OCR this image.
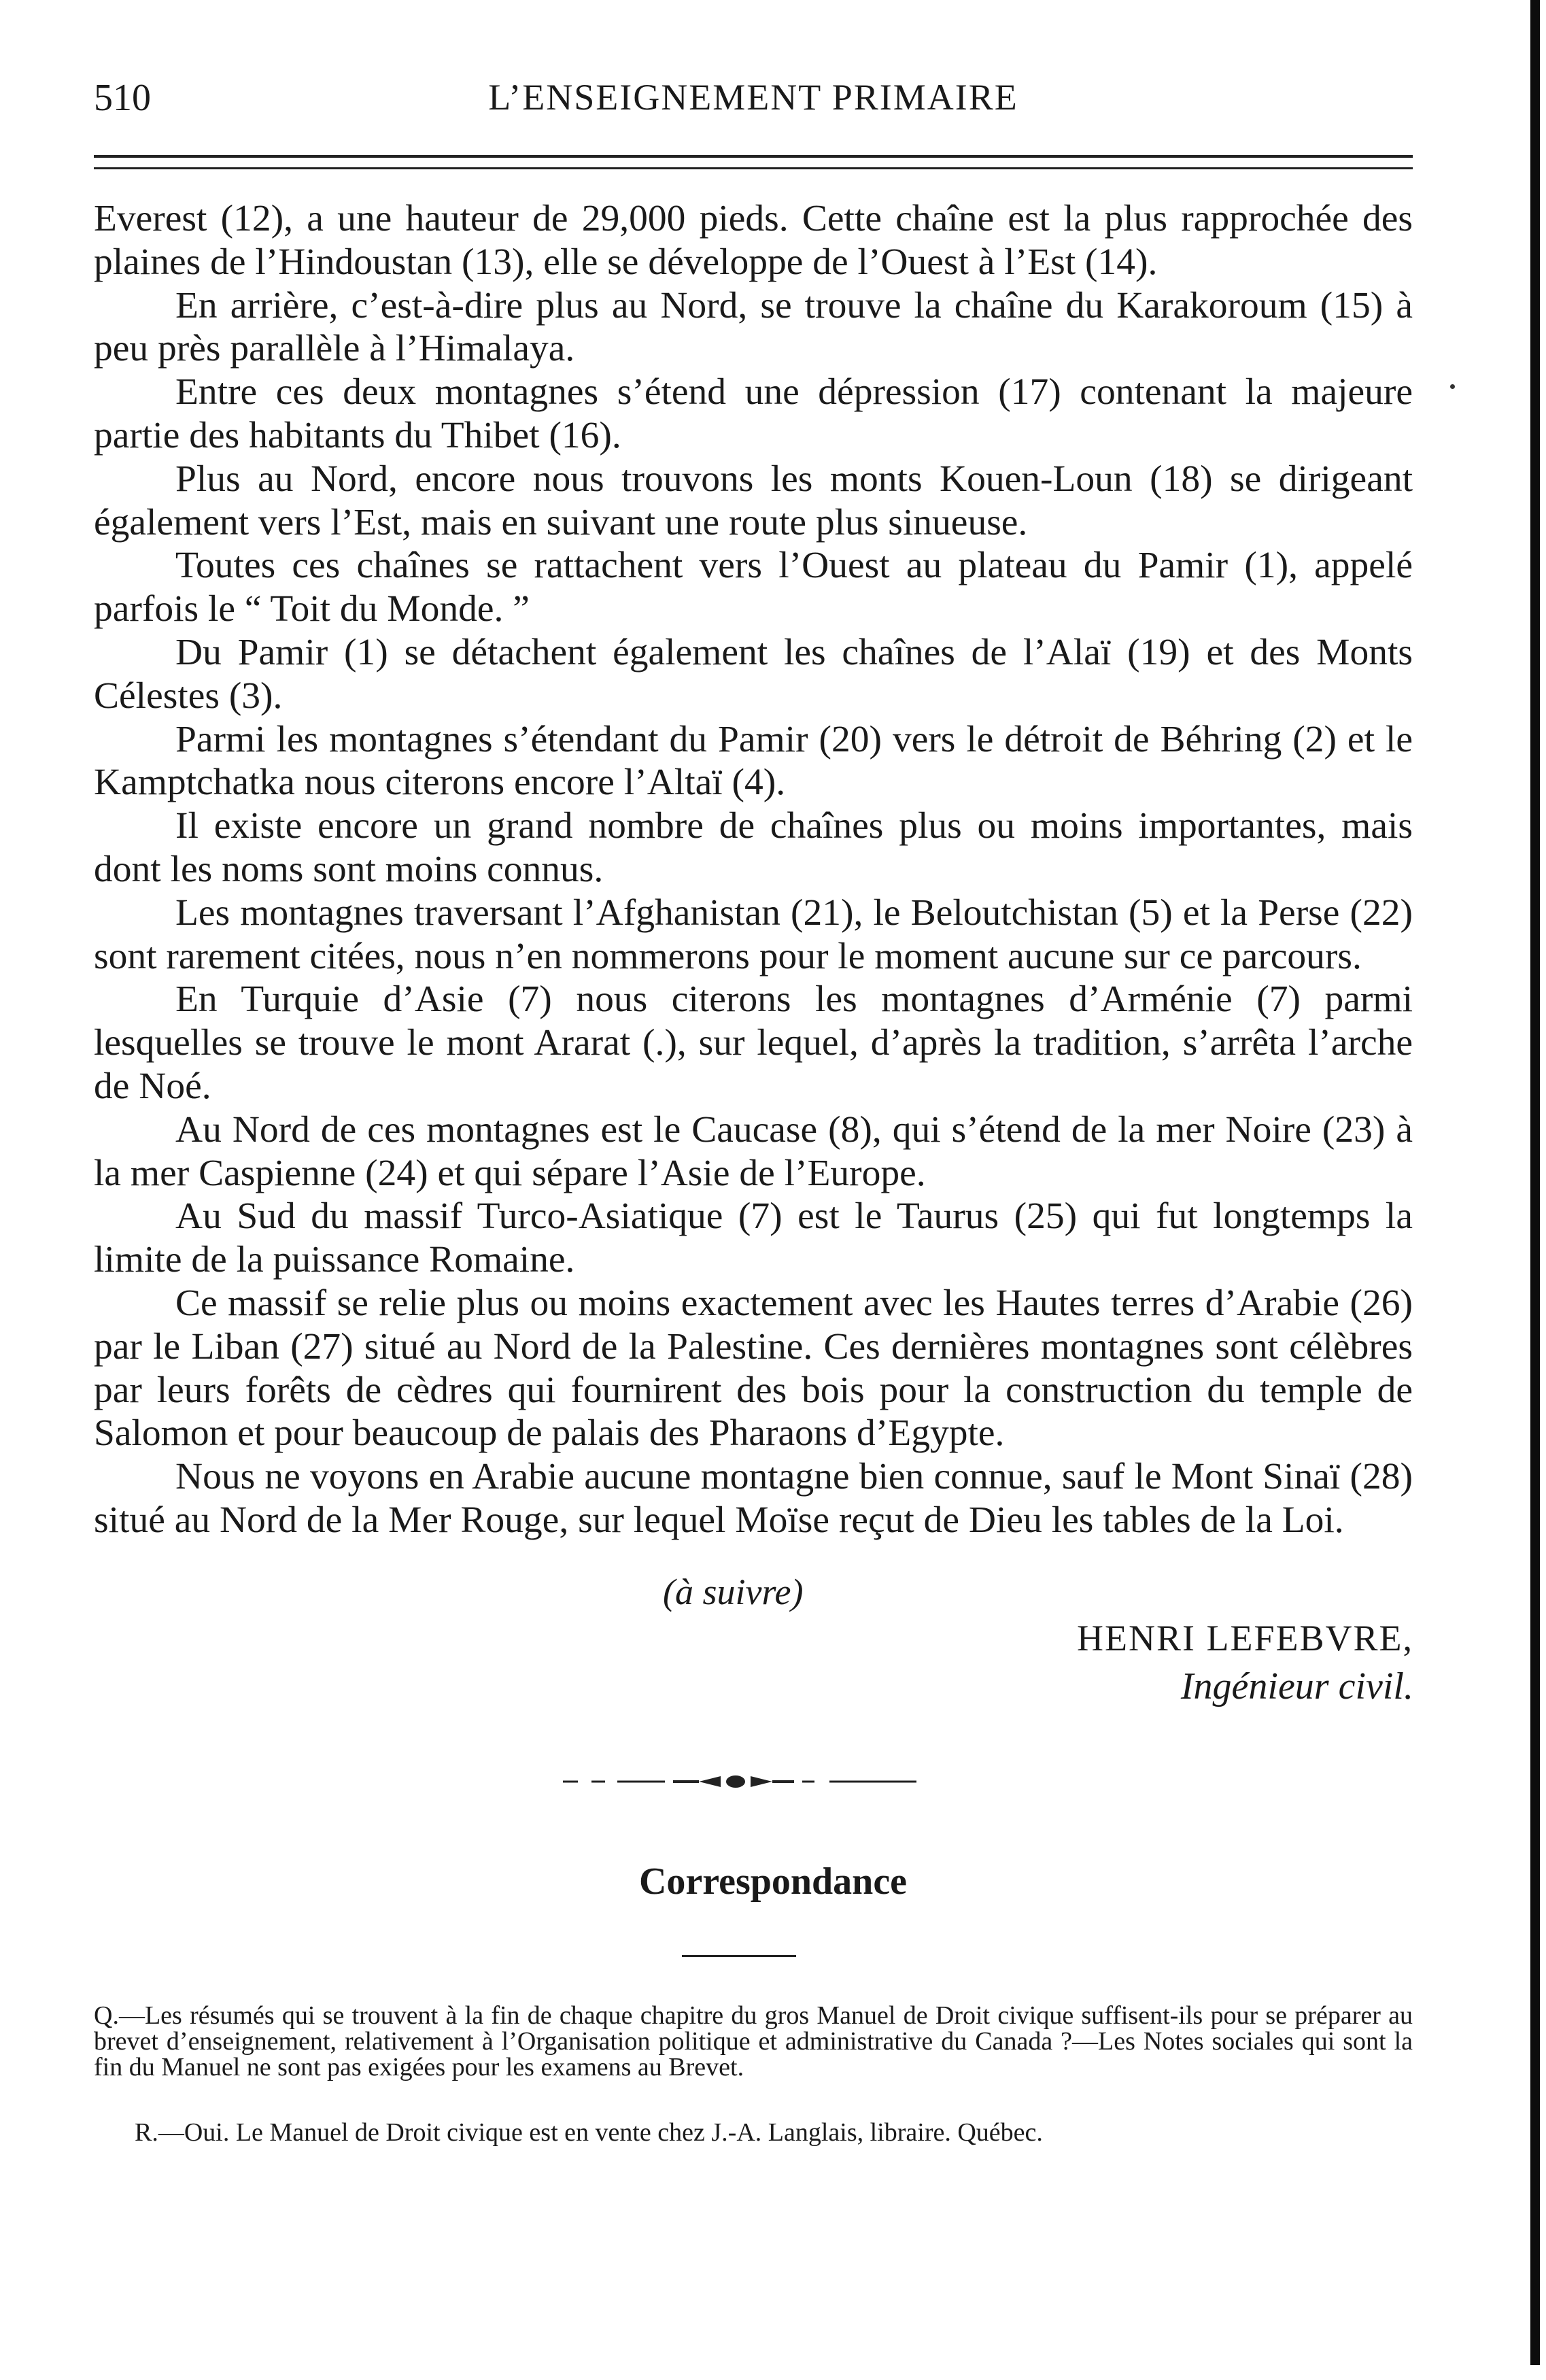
510	L’ENSEIGNEMENT PRIMAIRE

Everest (12), a une hauteur de 29,000 pieds. Cette chaîne est la plus rapprochée des plaines de l’Hindoustan (13), elle se développe de l’Ouest à l’Est (14).

En arrière, c’est-à-dire plus au Nord, se trouve la chaîne du Karakoroum (15) à peu près parallèle à l’Himalaya.

Entre ces deux montagnes s’étend une dépression (17) contenant la majeure partie des habitants du Thibet (16).

Plus au Nord, encore nous trouvons les monts Kouen-Loun (18) se dirigeant également vers l’Est, mais en suivant une route plus sinueuse.

Toutes ces chaînes se rattachent vers l’Ouest au plateau du Pamir (1), appelé parfois le “ Toit du Monde. ”

Du Pamir (1) se détachent également les chaînes de l’Alaï (19) et des Monts Célestes (3).

Parmi les montagnes s’étendant du Pamir (20) vers le détroit de Béhring (2) et le Kamptchatka nous citerons encore l’Altaï (4).

Il existe encore un grand nombre de chaînes plus ou moins importantes, mais dont les noms sont moins connus.

Les montagnes traversant l’Afghanistan (21), le Beloutchistan (5) et la Perse (22) sont rarement citées, nous n’en nommerons pour le moment aucune sur ce parcours.

En Turquie d’Asie (7) nous citerons les montagnes d’Arménie (7) parmi lesquelles se trouve le mont Ararat (.), sur lequel, d’après la tradition, s’arrêta l’arche de Noé.

Au Nord de ces montagnes est le Caucase (8), qui s’étend de la mer Noire (23) à la mer Caspienne (24) et qui sépare l’Asie de l’Europe.

Au Sud du massif Turco-Asiatique (7) est le Taurus (25) qui fut longtemps la limite de la puissance Romaine.

Ce massif se relie plus ou moins exactement avec les Hautes terres d’Arabie (26) par le Liban (27) situé au Nord de la Palestine. Ces dernières montagnes sont célèbres par leurs forêts de cèdres qui fournirent des bois pour la construction du temple de Salomon et pour beaucoup de palais des Pharaons d’Egypte.

Nous ne voyons en Arabie aucune montagne bien connue, sauf le Mont Sinaï (28) situé au Nord de la Mer Rouge, sur lequel Moïse reçut de Dieu les tables de la Loi.

(à suivre)
HENRI LEFEBVRE,
Ingénieur civil.
Correspondance

Q.—Les résumés qui se trouvent à la fin de chaque chapitre du gros Manuel de Droit civique suffisent-ils pour se préparer au brevet d’enseignement, relativement à l’Organisation politique et administrative du Canada ?—Les Notes sociales qui sont la fin du Manuel ne sont pas exigées pour les examens au Brevet.

R.—Oui. Le Manuel de Droit civique est en vente chez J.-A. Langlais, libraire. Québec.
